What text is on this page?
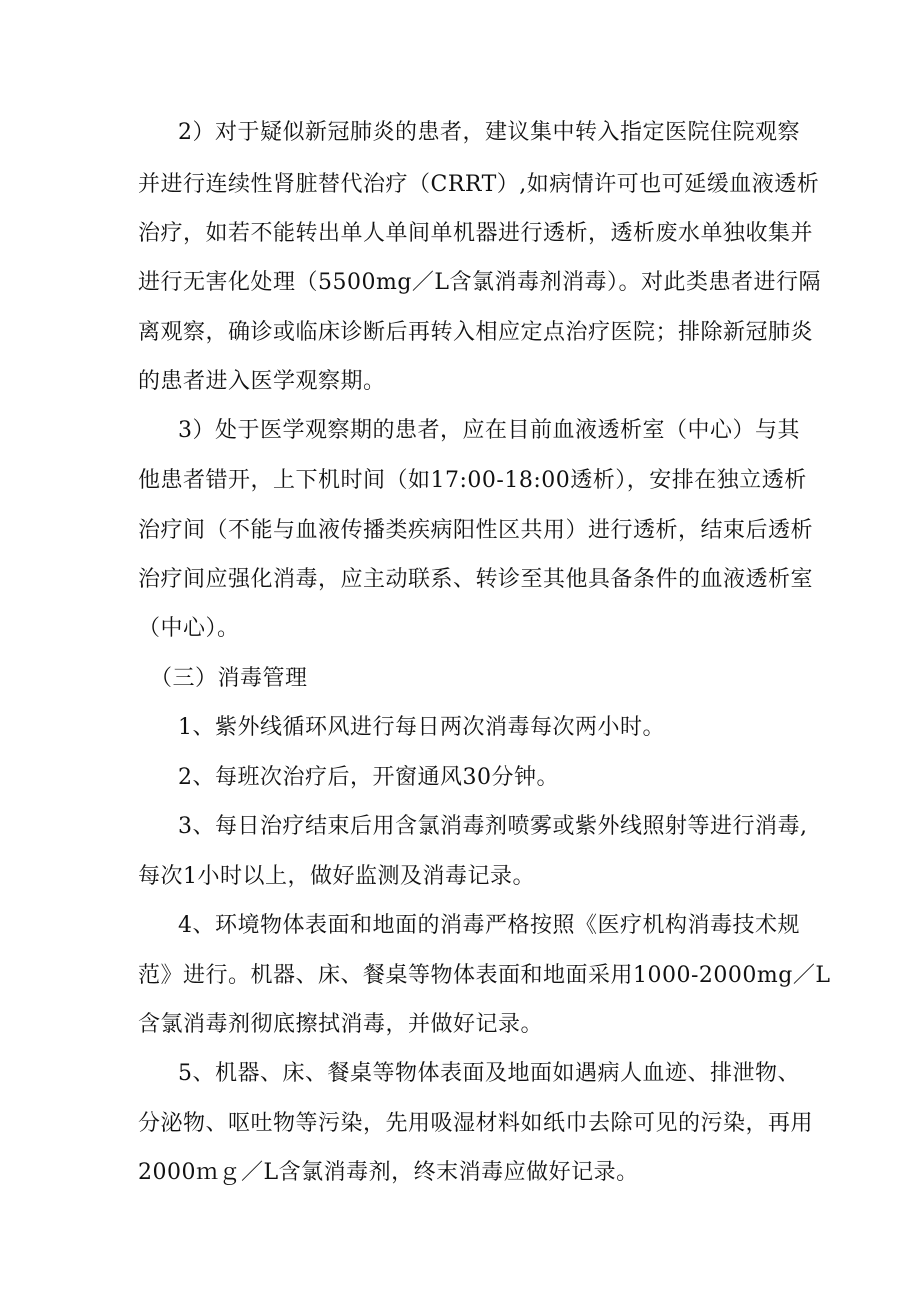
2）对于疑似新冠肺炎的患者，建议集中转入指定医院住院观察
并进行连续性肾脏替代治疗（CRRT）,如病情许可也可延缓血液透析
治疗，如若不能转出单人单间单机器进行透析，透析废水单独收集并
进行无害化处理（5500mg／L含氯消毒剂消毒）。对此类患者进行隔
离观察，确诊或临床诊断后再转入相应定点治疗医院；排除新冠肺炎
的患者进入医学观察期。
3）处于医学观察期的患者，应在目前血液透析室（中心）与其
他患者错开，上下机时间（如17:00-18:00透析），安排在独立透析
治疗间（不能与血液传播类疾病阳性区共用）进行透析，结束后透析
治疗间应强化消毒，应主动联系、转诊至其他具备条件的血液透析室
（中心）。
（三）消毒管理
1、紫外线循环风进行每日两次消毒每次两小时。
2、每班次治疗后，开窗通风30分钟。
3、每日治疗结束后用含氯消毒剂喷雾或紫外线照射等进行消毒,
每次1小时以上，做好监测及消毒记录。
4、环境物体表面和地面的消毒严格按照《医疗机构消毒技术规
范》进行。机器、床、餐桌等物体表面和地面采用1000-2000mg／L
含氯消毒剂彻底擦拭消毒，并做好记录。
5、机器、床、餐桌等物体表面及地面如遇病人血迹、排泄物、
分泌物、呕吐物等污染，先用吸湿材料如纸巾去除可见的污染，再用
2000ｍｇ／L含氯消毒剂，终末消毒应做好记录。
